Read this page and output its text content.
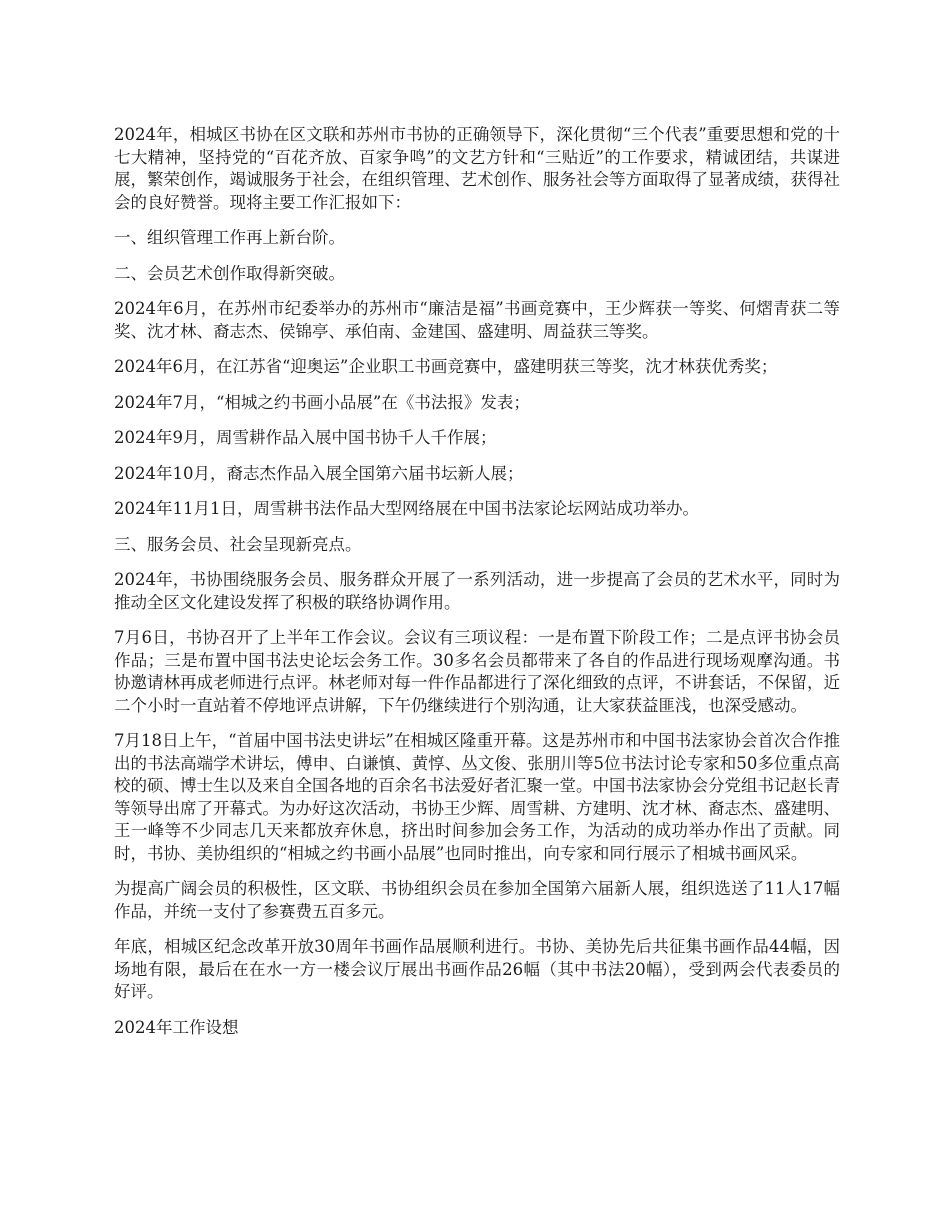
2024年，相城区书协在区文联和苏州市书协的正确领导下，深化贯彻“三个代表”重要思想和党的十七大精神，坚持党的“百花齐放、百家争鸣”的文艺方针和“三贴近”的工作要求，精诚团结，共谋进展，繁荣创作，竭诚服务于社会，在组织管理、艺术创作、服务社会等方面取得了显著成绩，获得社会的良好赞誉。现将主要工作汇报如下：

一、组织管理工作再上新台阶。

二、会员艺术创作取得新突破。

2024年6月，在苏州市纪委举办的苏州市“廉洁是福”书画竞赛中，王少辉获一等奖、何熠青获二等奖、沈才林、裔志杰、侯锦亭、承伯南、金建国、盛建明、周益获三等奖。

2024年6月，在江苏省“迎奥运”企业职工书画竞赛中，盛建明获三等奖，沈才林获优秀奖；

2024年7月，“相城之约书画小品展”在《书法报》发表；

2024年9月，周雪耕作品入展中国书协千人千作展；

2024年10月，裔志杰作品入展全国第六届书坛新人展；

2024年11月1日，周雪耕书法作品大型网络展在中国书法家论坛网站成功举办。

三、服务会员、社会呈现新亮点。

2024年，书协围绕服务会员、服务群众开展了一系列活动，进一步提高了会员的艺术水平，同时为推动全区文化建设发挥了积极的联络协调作用。

7月6日，书协召开了上半年工作会议。会议有三项议程：一是布置下阶段工作；二是点评书协会员作品；三是布置中国书法史论坛会务工作。30多名会员都带来了各自的作品进行现场观摩沟通。书协邀请林再成老师进行点评。林老师对每一件作品都进行了深化细致的点评，不讲套话，不保留，近二个小时一直站着不停地评点讲解，下午仍继续进行个别沟通，让大家获益匪浅，也深受感动。

7月18日上午，“首届中国书法史讲坛”在相城区隆重开幕。这是苏州市和中国书法家协会首次合作推出的书法高端学术讲坛，傅申、白谦慎、黄惇、丛文俊、张朋川等5位书法讨论专家和50多位重点高校的硕、博士生以及来自全国各地的百余名书法爱好者汇聚一堂。中国书法家协会分党组书记赵长青等领导出席了开幕式。为办好这次活动，书协王少辉、周雪耕、方建明、沈才林、裔志杰、盛建明、王一峰等不少同志几天来都放弃休息，挤出时间参加会务工作，为活动的成功举办作出了贡献。同时，书协、美协组织的“相城之约书画小品展”也同时推出，向专家和同行展示了相城书画风采。

为提高广阔会员的积极性，区文联、书协组织会员在参加全国第六届新人展，组织选送了11人17幅作品，并统一支付了参赛费五百多元。

年底，相城区纪念改革开放30周年书画作品展顺利进行。书协、美协先后共征集书画作品44幅，因场地有限，最后在在水一方一楼会议厅展出书画作品26幅（其中书法20幅），受到两会代表委员的好评。

2024年工作设想
